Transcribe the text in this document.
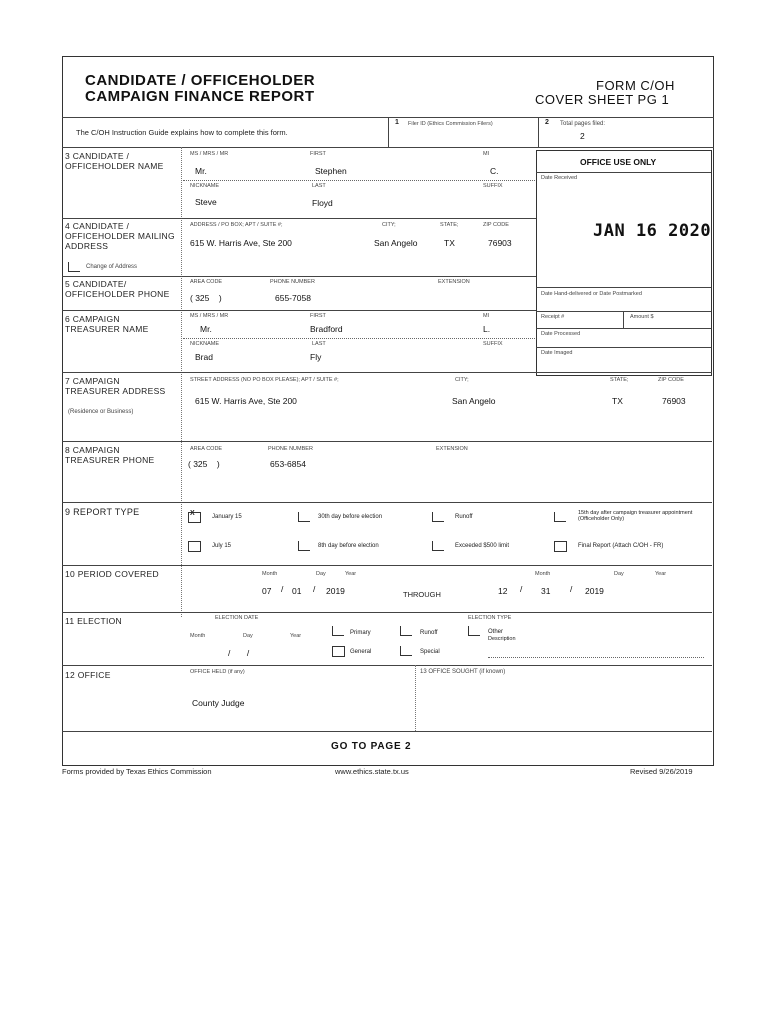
CANDIDATE / OFFICEHOLDER
CAMPAIGN FINANCE REPORT
FORM C/OH
COVER SHEET PG 1
The C/OH Instruction Guide explains how to complete this form.
1 Filer ID (Ethics Commission Filers)	2 Total pages filed:
2
3 CANDIDATE / OFFICEHOLDER NAME
MS / MRS / MR
Mr.
FIRST
Stephen
MI
C.
NICKNAME
Steve
LAST
Floyd
SUFFIX
OFFICE USE ONLY
Date Received
JAN 16 2020
Date Hand-delivered or Date Postmarked
Receipt #	Amount $
Date Processed
Date Imaged
4 CANDIDATE / OFFICEHOLDER MAILING ADDRESS
Change of Address
ADDRESS / PO BOX; APT / SUITE #;
615 W. Harris Ave, Ste 200
CITY;
San Angelo
STATE;
TX
ZIP CODE
76903
5 CANDIDATE/ OFFICEHOLDER PHONE
AREA CODE
( 325    )
PHONE NUMBER
655-7058
EXTENSION
6 CAMPAIGN TREASURER NAME
MS / MRS / MR
Mr.
FIRST
Bradford
MI
L.
NICKNAME
Brad
LAST
Fly
SUFFIX
7 CAMPAIGN TREASURER ADDRESS
(Residence or Business)
STREET ADDRESS (NO PO BOX PLEASE); APT / SUITE #;
615 W. Harris Ave, Ste 200
CITY;
San Angelo
STATE;
TX
ZIP CODE
76903
8 CAMPAIGN TREASURER PHONE
AREA CODE
( 325    )
PHONE NUMBER
653-6854
EXTENSION
9 REPORT TYPE	X	January 15	30th day before election	Runoff
15th day after campaign treasurer appointment (Officeholder Only)
July 15	8th day before election	Exceeded $500 limit	Final Report (Attach C/OH - FR)
10 PERIOD COVERED	Month	Day	Year
07 / 01 / 2019	THROUGH
Month	Day	Year
12 / 31 / 2019
11 ELECTION	ELECTION DATE
Month	Day	Year
/       /
ELECTION TYPE
Primary	Runoff	Other
Description
General	Special
12 OFFICE	OFFICE HELD (if any)
County Judge
13 OFFICE SOUGHT (if known)
GO TO PAGE 2
Forms provided by Texas Ethics Commission	www.ethics.state.tx.us	Revised 9/26/2019
